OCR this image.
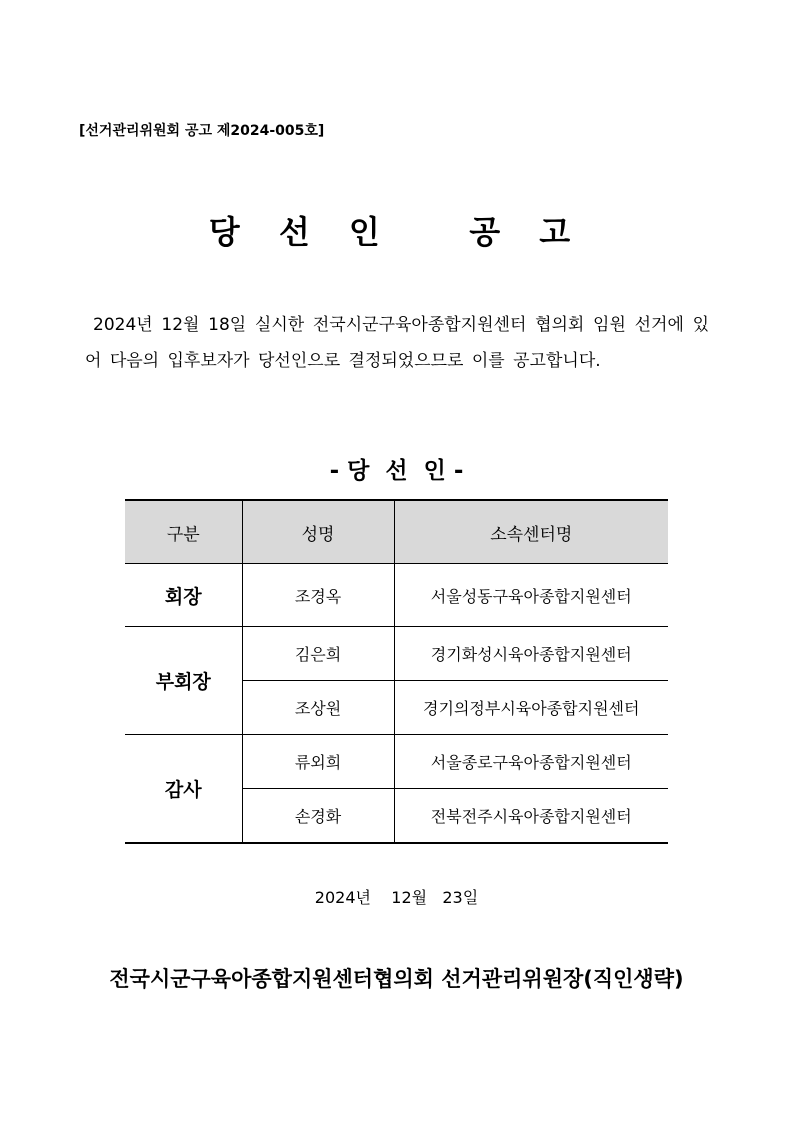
[선거관리위원회 공고 제2024-005호]
당 선 인   공 고
2024년 12월 18일 실시한 전국시군구육아종합지원센터 협의회 임원 선거에 있어 다음의 입후보자가 당선인으로 결정되었으므로 이를 공고합니다.
- 당  선  인 -
구분	성명	소속센터명
회장	조경옥	서울성동구육아종합지원센터
부회장	김은희	경기화성시육아종합지원센터
	조상원	경기의정부시육아종합지원센터
감사	류외희	서울종로구육아종합지원센터
	손경화	전북전주시육아종합지원센터
2024년    12월   23일
전국시군구육아종합지원센터협의회 선거관리위원장(직인생략)
